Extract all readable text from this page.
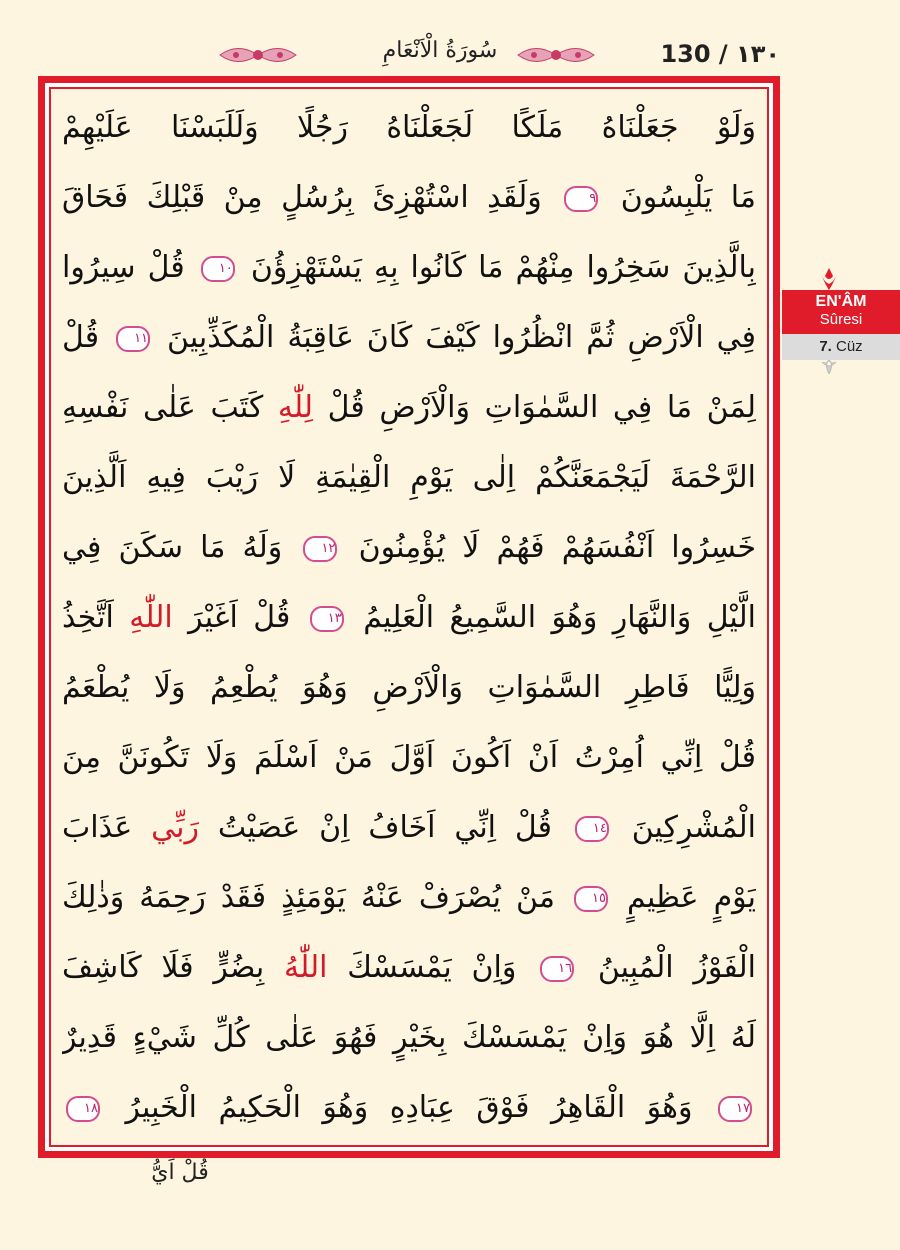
130 / ١٣٠
سُورَةُ الْاَنْعَامِ
وَلَوْ جَعَلْنَاهُ مَلَكًا لَجَعَلْنَاهُ رَجُلًا وَلَلَبَسْنَا عَلَيْهِمْ
مَا يَلْبِسُونَ ٩ وَلَقَدِ اسْتُهْزِئَ بِرُسُلٍ مِنْ قَبْلِكَ فَحَاقَ
بِالَّذِينَ سَخِرُوا مِنْهُمْ مَا كَانُوا بِهِ يَسْتَهْزِؤُنَ ١٠ قُلْ سِيرُوا
فِي الْاَرْضِ ثُمَّ انْظُرُوا كَيْفَ كَانَ عَاقِبَةُ الْمُكَذِّبِينَ ١١ قُلْ
لِمَنْ مَا فِي السَّمٰوَاتِ وَالْاَرْضِ قُلْ لِلّٰهِ كَتَبَ عَلٰى نَفْسِهِ
الرَّحْمَةَ لَيَجْمَعَنَّكُمْ اِلٰى يَوْمِ الْقِيٰمَةِ لَا رَيْبَ فِيهِ اَلَّذِينَ
خَسِرُوا اَنْفُسَهُمْ فَهُمْ لَا يُؤْمِنُونَ ١٢ وَلَهُ مَا سَكَنَ فِي
الَّيْلِ وَالنَّهَارِ وَهُوَ السَّمِيعُ الْعَلِيمُ ١٣ قُلْ اَغَيْرَ اللّٰهِ اَتَّخِذُ
وَلِيًّا فَاطِرِ السَّمٰوَاتِ وَالْاَرْضِ وَهُوَ يُطْعِمُ وَلَا يُطْعَمُ
قُلْ اِنِّي اُمِرْتُ اَنْ اَكُونَ اَوَّلَ مَنْ اَسْلَمَ وَلَا تَكُونَنَّ مِنَ
الْمُشْرِكِينَ ١٤ قُلْ اِنِّي اَخَافُ اِنْ عَصَيْتُ رَبِّي عَذَابَ
يَوْمٍ عَظِيمٍ ١٥ مَنْ يُصْرَفْ عَنْهُ يَوْمَئِذٍ فَقَدْ رَحِمَهُ وَذٰلِكَ
الْفَوْزُ الْمُبِينُ ١٦ وَاِنْ يَمْسَسْكَ اللّٰهُ بِضُرٍّ فَلَا كَاشِفَ
لَهُ اِلَّا هُوَ وَاِنْ يَمْسَسْكَ بِخَيْرٍ فَهُوَ عَلٰى كُلِّ شَيْءٍ قَدِيرٌ
١٧ وَهُوَ الْقَاهِرُ فَوْقَ عِبَادِهِ وَهُوَ الْحَكِيمُ الْخَبِيرُ ١٨
قُلْ اَيُّ
EN'ÂM
Sûresi
7. Cüz
